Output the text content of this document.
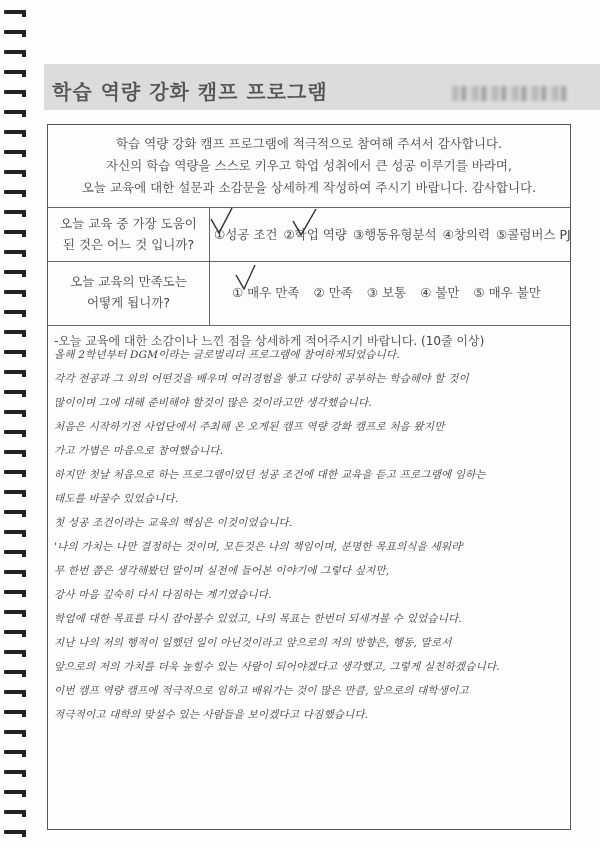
학습 역량 강화 캠프 프로그램
학습 역량 강화 캠프 프로그램에 적극적으로 참여해 주셔서 감사합니다.
자신의 학습 역량을 스스로 키우고 학업 성취에서 큰 성공 이루기를 바라며,
오늘 교육에 대한 설문과 소감문을 상세하게 작성하여 주시기 바랍니다. 감사합니다.
오늘 교육 중 가장 도움이
된 것은 어느 것 입니까?
①성공 조건 ②학업 역량 ③행동유형분석 ④창의력 ⑤콜럼버스 PJ
오늘 교육의 만족도는
어떻게 됩니까?
① 매우 만족 ② 만족 ③ 보통 ④ 불만 ⑤ 매우 불만
-오늘 교육에 대한 소감이나 느낀 점을 상세하게 적어주시기 바랍니다. (10줄 이상)
올해 2학년부터 DGM이라는 글로벌리더 프로그램에 참여하게되었습니다.
각각 전공과 그 외의 어떤것을 배우며 여러경험을 쌓고 다양히 공부하는 학습해야 할 것이
많이이며 그에 대해 준비해야 할것이 많은 것이라고만 생각했습니다.
처음은 시작하기전 사업단에서 주최해 온 오게된 캠프 역량 강화 캠프로 처음 왔지만
가고 가볍은 마음으로 참여했습니다.
하지만 첫날 처음으로 하는 프로그램이었던 성공 조건에 대한 교육을 듣고 프로그램에 임하는
태도를 바꿀수 있었습니다.
첫 성공 조건이라는 교육의 핵심은 이것이었습니다.
'나의 가치는 나만 결정하는 것이며, 모든것은 나의 책임이며, 분명한 목표의식을 세워라'
무 한번 쯤은 생각해봤던 말이며 실전에 들어본 이야기에 그렇다 싶지만,
강사 마음 깊숙히 다시 다짐하는 계기였습니다.
학업에 대한 목표를 다시 잡아볼수 있었고, 나의 목표는 한번더 되새겨볼 수 있었습니다.
지난 나의 저의 행적이 일했던 일이 아닌것이라고 앞으로의 저의 방향은, 행동, 말로서
앞으로의 저의 가치를 더욱 높힐수 있는 사람이 되어야겠다고 생각했고, 그렇게 실천하겠습니다.
이번 캠프 역량 캠프에 적극적으로 임하고 배워가는 것이 많은 만큼, 앞으로의 대학생이고
적극적이고 대학의 맞설수 있는 사람들을 보이겠다고 다짐했습니다.
